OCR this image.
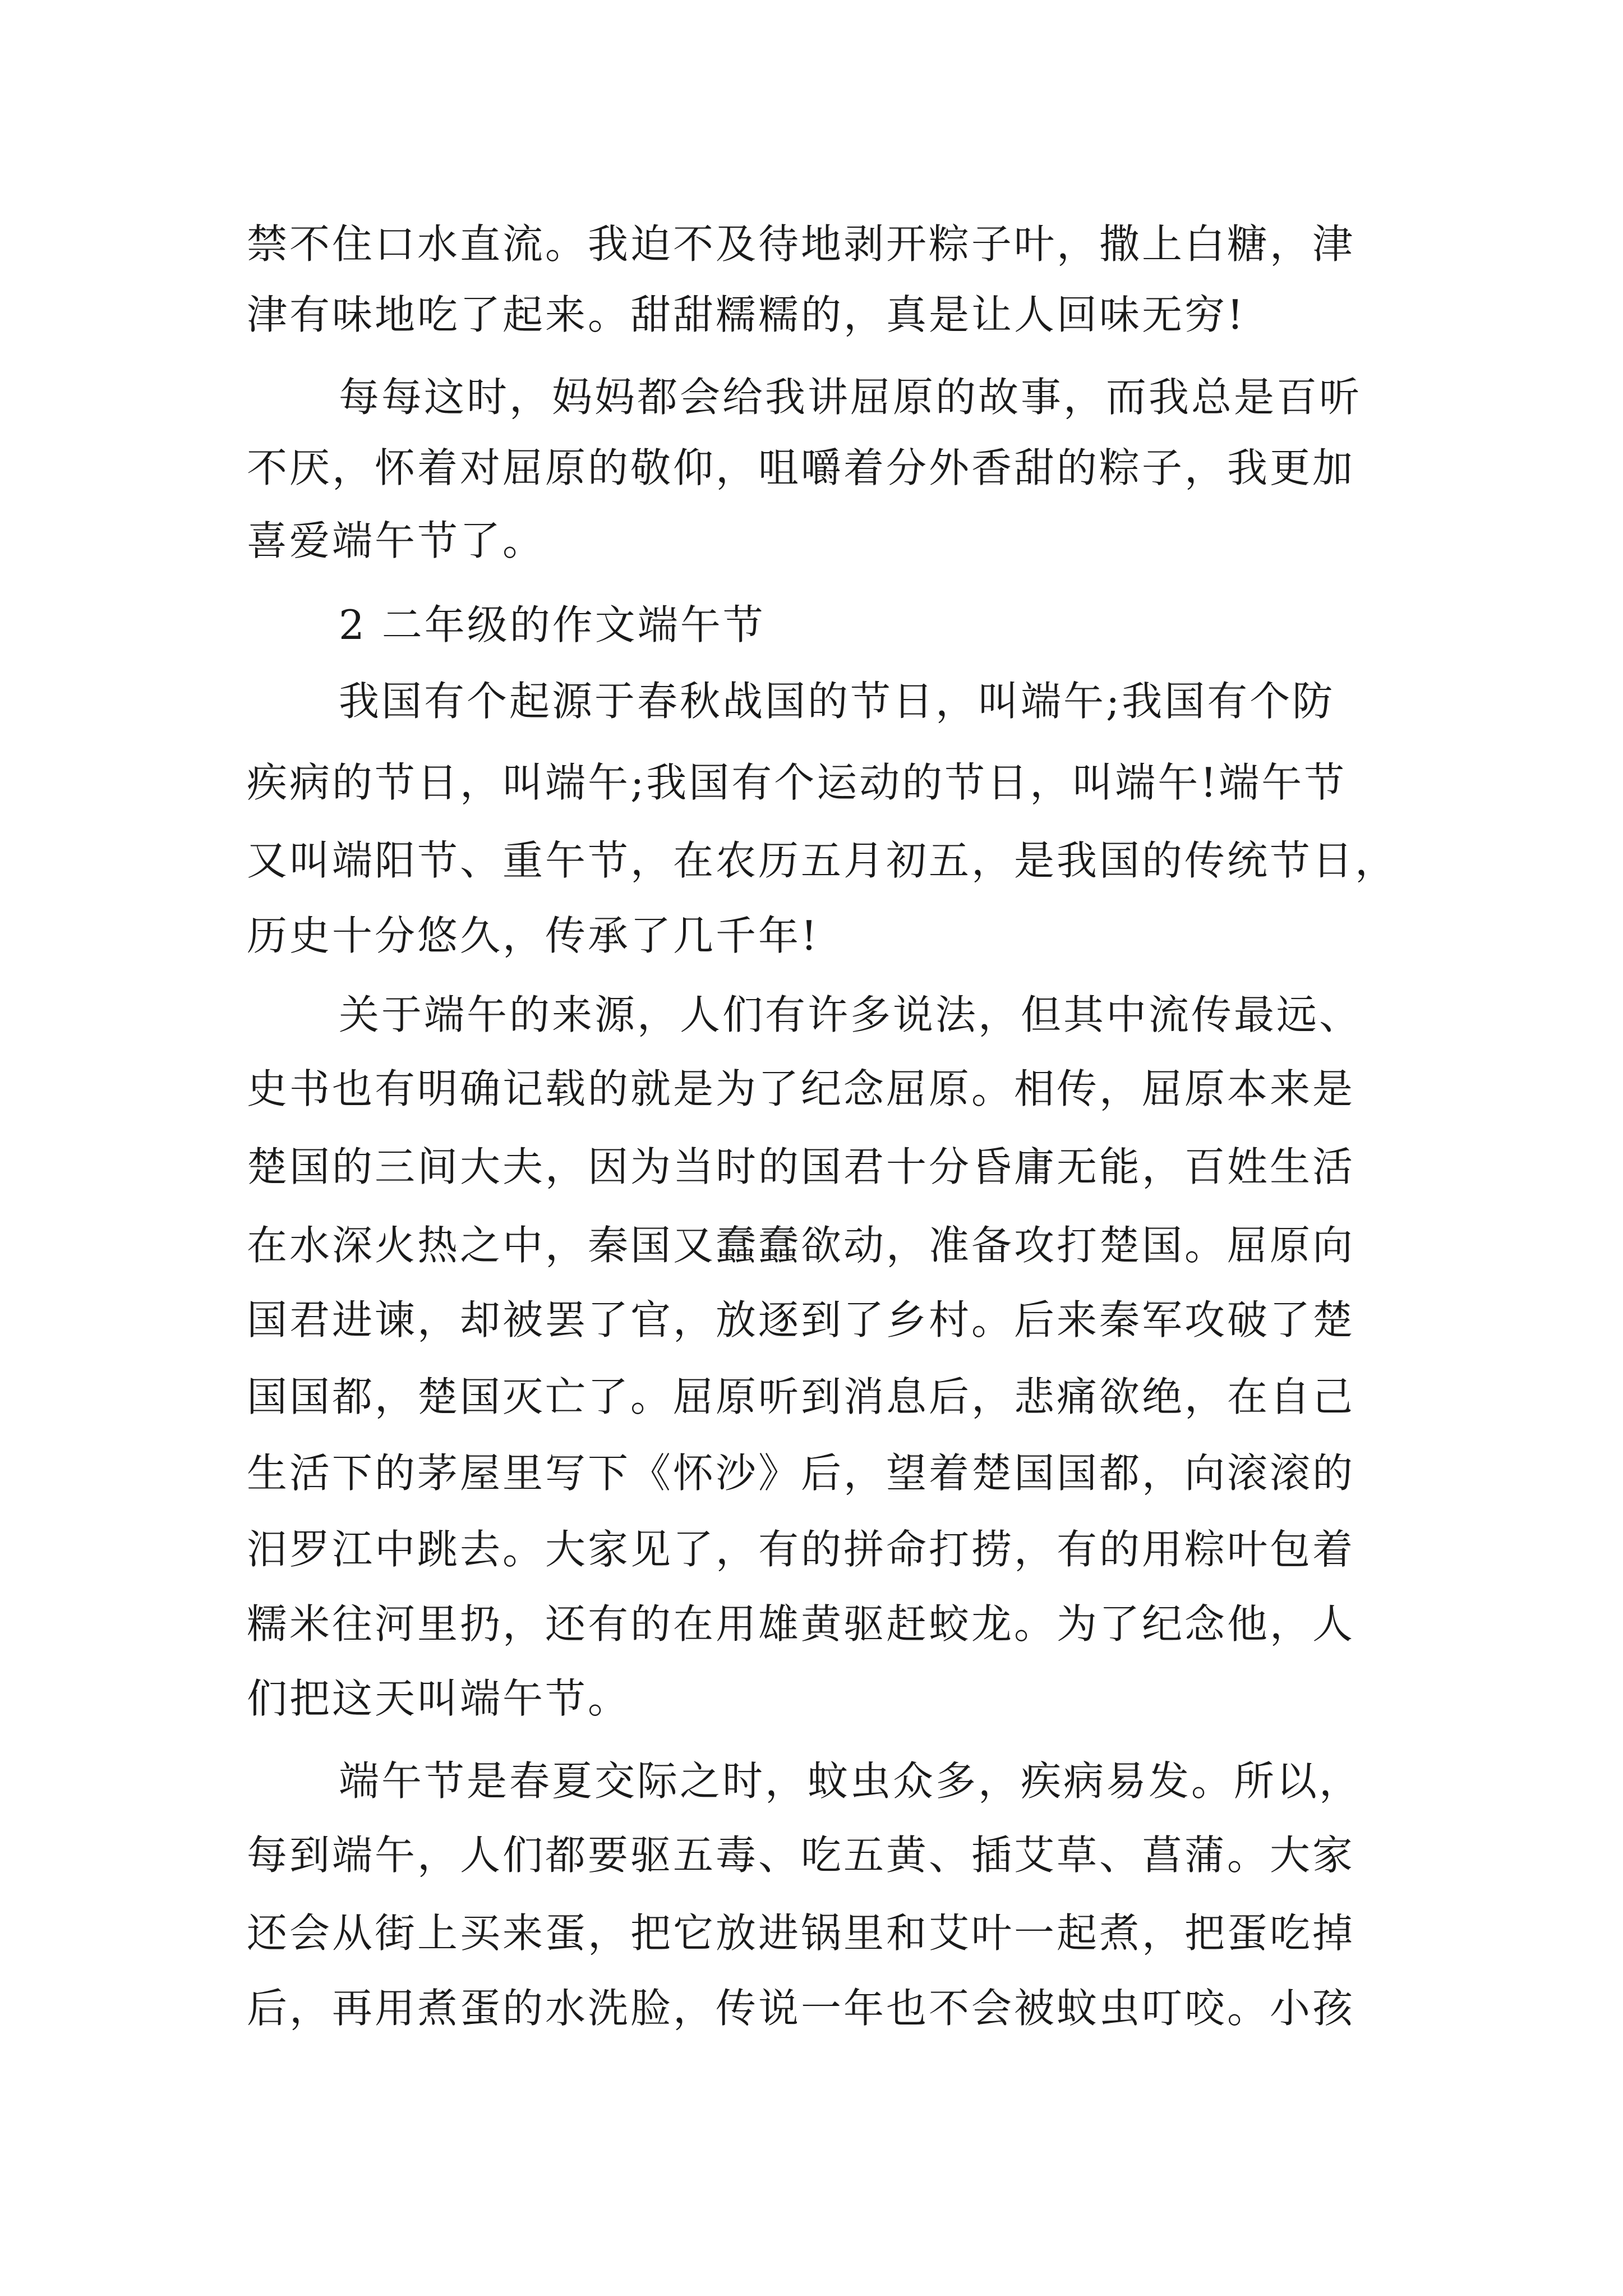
禁不住口水直流。我迫不及待地剥开粽子叶，撒上白糖，津

津有味地吃了起来。甜甜糯糯的，真是让人回味无穷!

每每这时，妈妈都会给我讲屈原的故事，而我总是百听

不厌，怀着对屈原的敬仰，咀嚼着分外香甜的粽子，我更加

喜爱端午节了。

2 二年级的作文端午节

我国有个起源于春秋战国的节日，叫端午;我国有个防

疾病的节日，叫端午;我国有个运动的节日，叫端午!端午节

又叫端阳节、重午节，在农历五月初五，是我国的传统节日，

历史十分悠久，传承了几千年!

关于端午的来源，人们有许多说法，但其中流传最远、

史书也有明确记载的就是为了纪念屈原。相传，屈原本来是

楚国的三间大夫，因为当时的国君十分昏庸无能，百姓生活

在水深火热之中，秦国又蠢蠢欲动，准备攻打楚国。屈原向

国君进谏，却被罢了官，放逐到了乡村。后来秦军攻破了楚

国国都，楚国灭亡了。屈原听到消息后，悲痛欲绝，在自己

生活下的茅屋里写下《怀沙》后，望着楚国国都，向滚滚的

汨罗江中跳去。大家见了，有的拼命打捞，有的用粽叶包着

糯米往河里扔，还有的在用雄黄驱赶蛟龙。为了纪念他，人

们把这天叫端午节。

端午节是春夏交际之时，蚊虫众多，疾病易发。所以，

每到端午，人们都要驱五毒、吃五黄、插艾草、菖蒲。大家

还会从街上买来蛋，把它放进锅里和艾叶一起煮，把蛋吃掉

后，再用煮蛋的水洗脸，传说一年也不会被蚊虫叮咬。小孩
